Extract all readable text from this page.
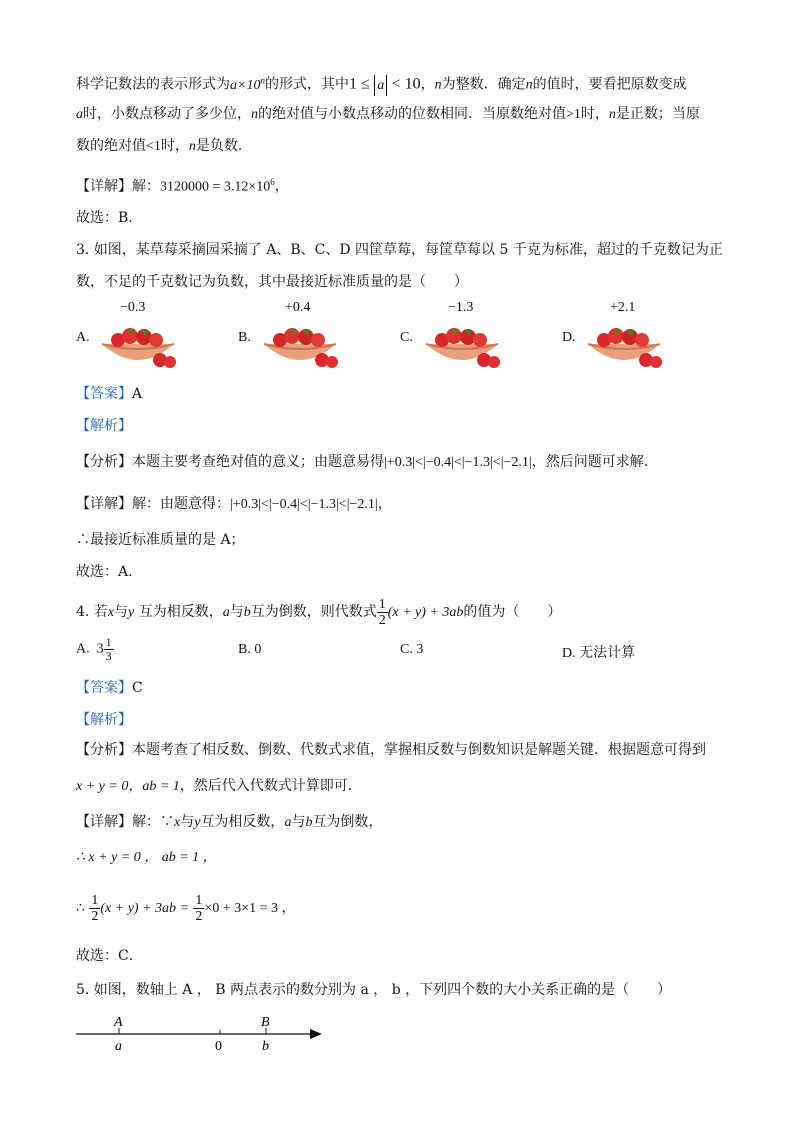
科学记数法的表示形式为$a\times 10^n$的形式，其中1 ≤ a < 10，n为整数．确定n的值时，要看把原数变成
a时，小数点移动了多少位，n的绝对值与小数点移动的位数相同．当原数绝对值>1时，n是正数；当原
数的绝对值<1时，n是负数．
【详解】解：$3120000 = 3.12\times 10^6$，
故选：B．
3. 如图，某草莓采摘园采摘了 A、B、C、D 四筐草莓，每筐草莓以 5 千克为标准，超过的千克数记为正
数，不足的千克数记为负数，其中最接近标准质量的是（　　）
−0.3	+0.4	−1.3	+2.1
A.	B.	C.	D.
【答案】A
【解析】
【分析】本题主要考查绝对值的意义；由题意易得|+0.3|<|−0.4|<|−1.3|<|−2.1|，然后问题可求解．
【详解】解：由题意得：|+0.3|<|−0.4|<|−1.3|<|−2.1|，
∴最接近标准质量的是 A；
故选：A．
4. 若x与y 互为相反数，a与b互为倒数，则代数式 $\frac{1}{2} (x + y) + 3ab$的值为（　　）
A. $3 \frac{1}{3}$	B. 0	C. 3	D. 无法计算
【答案】C
【解析】
【分析】本题考查了相反数、倒数、代数式求值，掌握相反数与倒数知识是解题关键．根据题意可得到
x + y = 0，ab = 1，然后代入代数式计算即可．
【详解】解：∵x与y互为相反数，a与b互为倒数，
∴ x + y = 0 ， ab = 1 ，
∴ $\frac{1}{2} (x + y) + 3ab = \frac{1}{2} \times 0 + 3\times 1 = 3$ ，
故选：C．
5. 如图，数轴上 A ， B 两点表示的数分别为 a ， b ，下列四个数的大小关系正确的是（　　）
A
a	0
B
b
